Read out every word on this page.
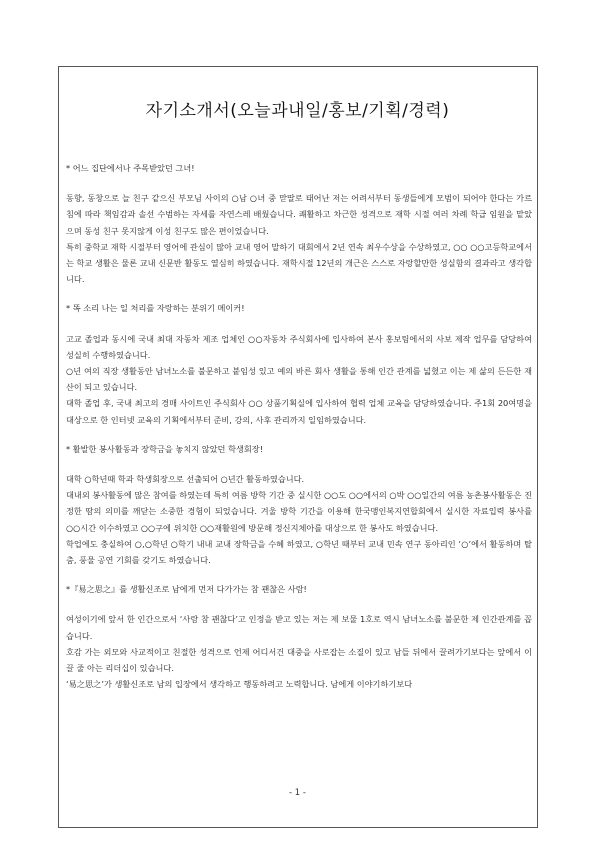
자기소개서(오늘과내일/홍보/기획/경력)

* 어느 집단에서나 주목받았던 그녀!

동향, 동창으로 늘 친구 같으신 부모님 사이의 ○남 ○녀 중 맏딸로 태어난 저는 어려서부터 동생들에게 모범이 되어야 한다는 가르침에 따라 책임감과 솔선 수범하는 자세를 자연스레 배웠습니다. 쾌활하고 차근한 성격으로 재학 시절 여러 차례 학급 임원을 맡았으며 동성 친구 못지않게 이성 친구도 많은 편이었습니다.

특히 중학교 재학 시절부터 영어에 관심이 많아 교내 영어 말하기 대회에서 2년 연속 최우수상을 수상하였고, ○○ ○○고등학교에서는 학교 생활은 물론 교내 신문반 활동도 열심히 하였습니다. 재학시절 12년의 개근은 스스로 자랑할만한 성실함의 결과라고 생각합니다.

* 똑 소리 나는 일 처리를 자랑하는 분위기 메이커!

고교 졸업과 동시에 국내 최대 자동차 제조 업체인 ○○자동차 주식회사에 입사하여 본사 홍보팀에서의 사보 제작 업무를 담당하여 성실히 수행하였습니다.

○년 여의 직장 생활동안 남녀노소를 불문하고 붙임성 있고 예의 바른 회사 생활을 통해 인간 관계를 넓혔고 이는 제 삶의 든든한 재산이 되고 있습니다.

대학 졸업 후, 국내 최고의 경매 사이트인 주식회사 ○○ 상품기획실에 입사하여 협력 업체 교육을 담당하였습니다. 주1회 20여명을 대상으로 한 인터넷 교육의 기획에서부터 준비, 강의, 사후 관리까지 일임하였습니다.

* 활발한 봉사활동과 장학금을 놓치지 않았던 학생회장!

대학 ○학년때 학과 학생회장으로 선출되어 ○년간 활동하였습니다.

대내외 봉사활동에 많은 참여를 하였는데 특히 여름 방학 기간 중 실시한 ○○도 ○○에서의 ○박 ○○일간의 여름 농촌봉사활동은 진정한 땀의 의미를 깨닫는 소중한 경험이 되었습니다. 겨울 방학 기간을 이용해 한국맹인복지연합회에서 실시한 자료입력 봉사를 ○○시간 이수하였고 ○○구에 위치한 ○○재활원에 방문해 정신지체아를 대상으로 한 봉사도 하였습니다.

학업에도 충실하여 ○,○학년 ○학기 내내 교내 장학금을 수혜 하였고, ○학년 때부터 교내 민속 연구 동아리인 ‘○’에서 활동하며 탈춤, 풍물 공연 기회를 갖기도 하였습니다.

*『易之思之』를 생활신조로 남에게 먼저 다가가는 참 괜찮은 사람!

여성이기에 앞서 한 인간으로서 ‘사람 참 괜찮다’고 인정을 받고 있는 저는 제 보물 1호로 역시 남녀노소를 불문한 제 인간관계를 꼽습니다.

호감 가는 외모와 사교적이고 친절한 성격으로 언제 어디서건 대중을 사로잡는 소질이 있고 남들 뒤에서 끌려가기보다는 앞에서 이끌 줄 아는 리더십이 있습니다.

‘易之思之’가 생활신조로 남의 입장에서 생각하고 행동하려고 노력합니다. 남에게 이야기하기보다

- 1 -
